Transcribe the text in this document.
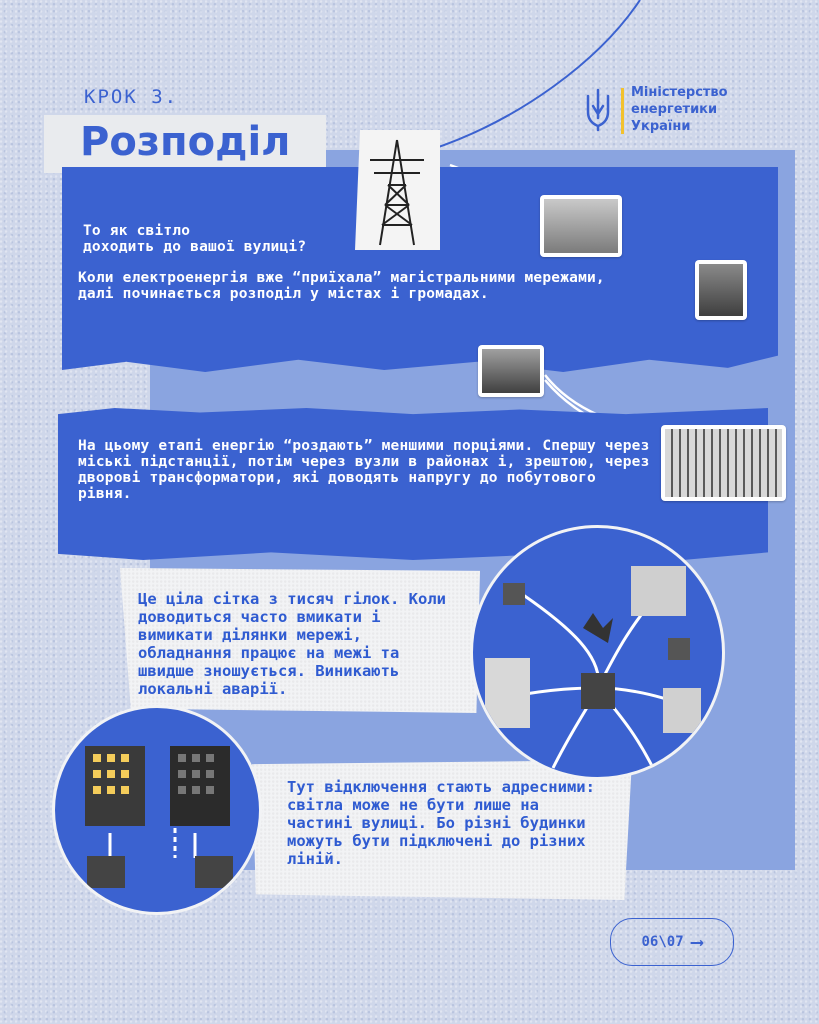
КРОК 3.
Розподіл
Міністерство
енергетики
України
То як світло
доходить до вашої вулиці?
Коли електроенергія вже “приїхала” магістральними мережами, далі починається розподіл у містах і громадах.
На цьому етапі енергію “роздають” меншими порціями. Спершу через міські підстанції, потім через вузли в районах і, зрештою, через дворові трансформатори, які доводять напругу до побутового рівня.
Це ціла сітка з тисяч гілок. Коли доводиться часто вмикати і вимикати ділянки мережі, обладнання працює на межі та швидше зношується. Виникають локальні аварії.
Тут відключення стають адресними: світла може не бути лише на частині вулиці. Бо різні будинки можуть бути підключені до різних ліній.
06\07 ⟶
